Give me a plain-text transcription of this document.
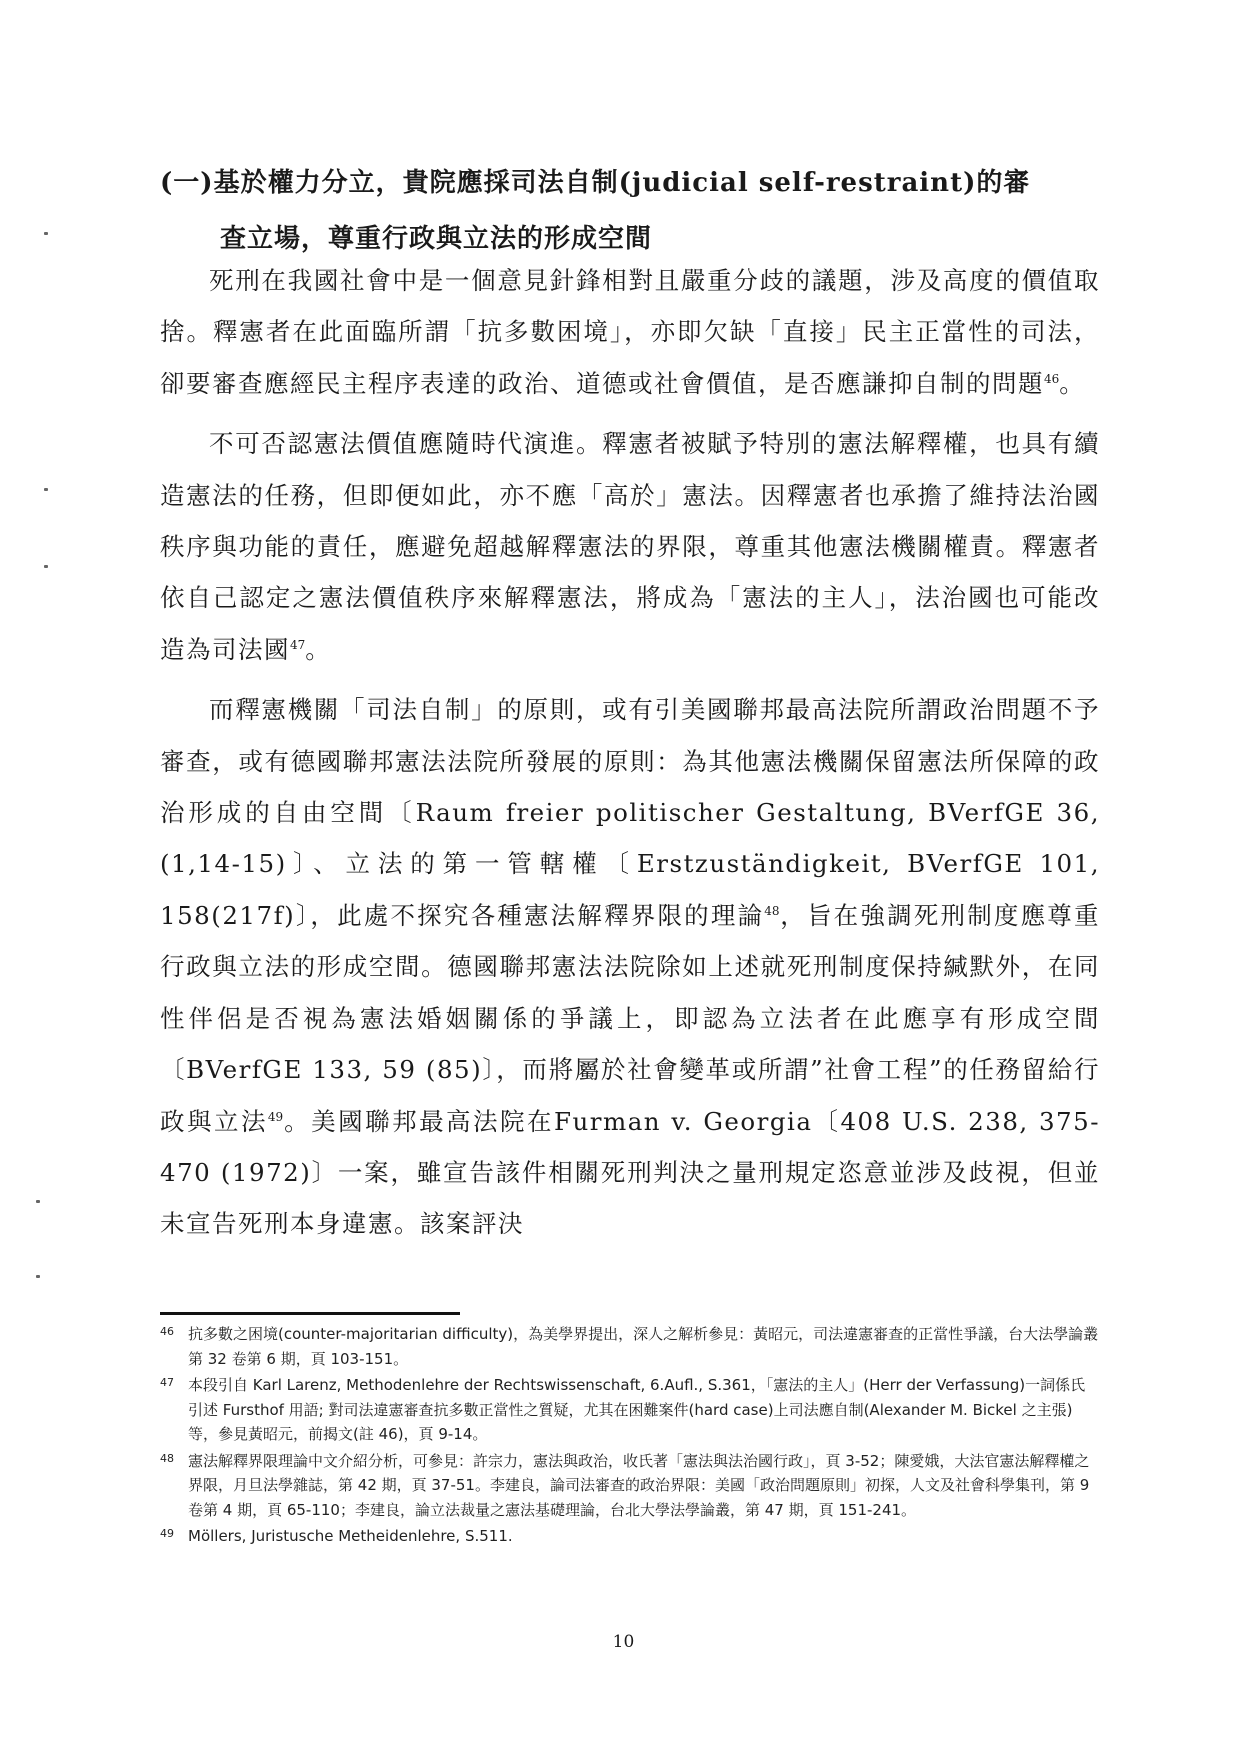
(一)基於權力分立，貴院應採司法自制(judicial self-restraint)的審
查立場，尊重行政與立法的形成空間

死刑在我國社會中是一個意見針鋒相對且嚴重分歧的議題，涉及高度的價值取捨。釋憲者在此面臨所謂「抗多數困境」，亦即欠缺「直接」民主正當性的司法，卻要審查應經民主程序表達的政治、道德或社會價值，是否應謙抑自制的問題$^{46}$。

不可否認憲法價值應隨時代演進。釋憲者被賦予特別的憲法解釋權，也具有續造憲法的任務，但即便如此，亦不應「高於」憲法。因釋憲者也承擔了維持法治國秩序與功能的責任，應避免超越解釋憲法的界限，尊重其他憲法機關權責。釋憲者依自己認定之憲法價值秩序來解釋憲法，將成為「憲法的主人」，法治國也可能改造為司法國$^{47}$。

而釋憲機關「司法自制」的原則，或有引美國聯邦最高法院所謂政治問題不予審查，或有德國聯邦憲法法院所發展的原則：為其他憲法機關保留憲法所保障的政治形成的自由空間〔Raum freier politischer Gestaltung, BVerfGE 36, (1,14-15)〕、立法的第一管轄權〔Erstzuständigkeit, BVerfGE 101, 158(217f)〕，此處不探究各種憲法解釋界限的理論$^{48}$，旨在強調死刑制度應尊重行政與立法的形成空間。德國聯邦憲法法院除如上述就死刑制度保持緘默外，在同性伴侶是否視為憲法婚姻關係的爭議上，即認為立法者在此應享有形成空間〔BVerfGE 133, 59 (85)〕，而將屬於社會變革或所謂”社會工程”的任務留給行政與立法$^{49}$。美國聯邦最高法院在Furman v. Georgia〔408 U.S. 238, 375-470 (1972)〕一案，雖宣告該件相關死刑判決之量刑規定恣意並涉及歧視，但並未宣告死刑本身違憲。該案評決

46 抗多數之困境(counter-majoritarian difficulty)，為美學界提出，深人之解析參見：黃昭元，司法違憲審查的正當性爭議，台大法學論叢第 32 卷第 6 期，頁 103-151。
47 本段引自 Karl Larenz, Methodenlehre der Rechtswissenschaft, 6.Aufl., S.361，「憲法的主人」(Herr der Verfassung)一詞係氏引述 Fursthof 用語; 對司法違憲審查抗多數正當性之質疑，尤其在困難案件(hard case)上司法應自制(Alexander M. Bickel 之主張)等，參見黃昭元，前揭文(註 46)，頁 9-14。
48 憲法解釋界限理論中文介紹分析，可參見：許宗力，憲法與政治，收氏著「憲法與法治國行政」，頁 3-52；陳愛娥，大法官憲法解釋權之界限，月旦法學雜誌，第 42 期，頁 37-51。李建良，論司法審查的政治界限：美國「政治問題原則」初探，人文及社會科學集刊，第 9 卷第 4 期，頁 65-110；李建良，論立法裁量之憲法基礎理論，台北大學法學論叢，第 47 期，頁 151-241。
49 Möllers, Juristusche Metheidenlehre, S.511.
10
